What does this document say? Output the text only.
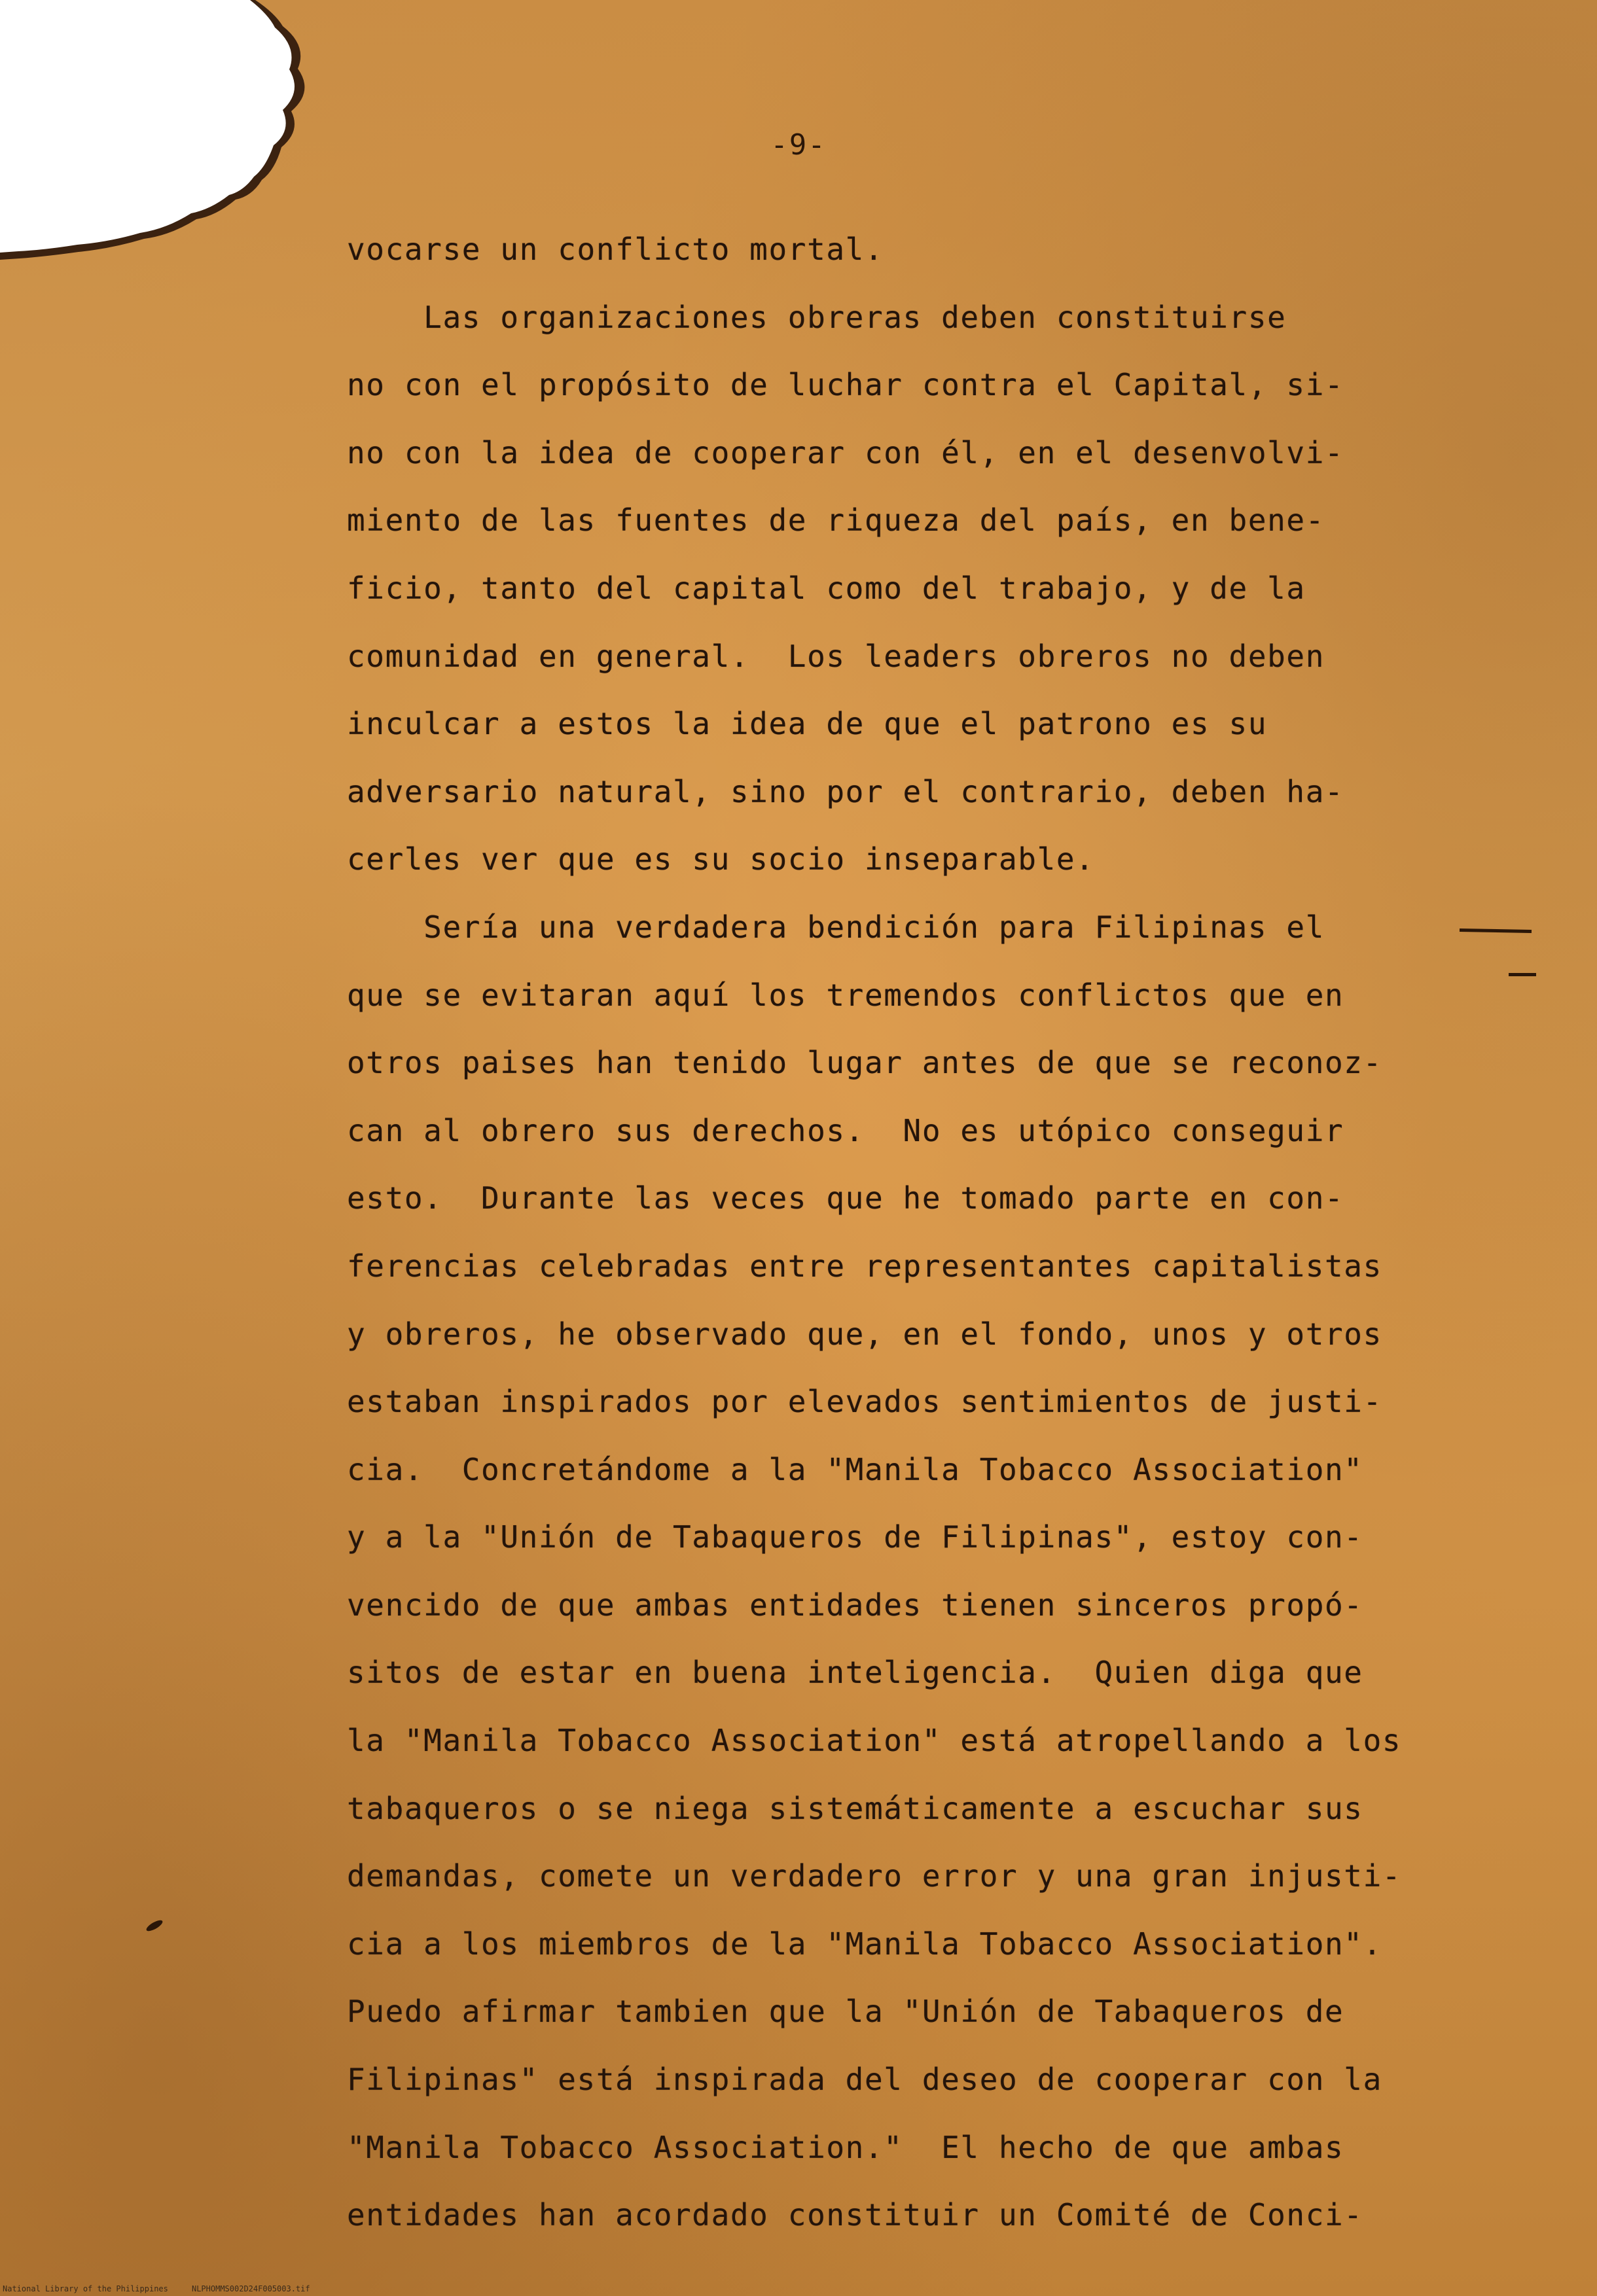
-9-
vocarse un conflicto mortal.
Las organizaciones obreras deben constituirse
no con el propósito de luchar contra el Capital, si-
no con la idea de cooperar con él, en el desenvolvi-
miento de las fuentes de riqueza del país, en bene-
ficio, tanto del capital como del trabajo, y de la
comunidad en general.  Los leaders obreros no deben
inculcar a estos la idea de que el patrono es su
adversario natural, sino por el contrario, deben ha-
cerles ver que es su socio inseparable.
Sería una verdadera bendición para Filipinas el
que se evitaran aquí los tremendos conflictos que en
otros paises han tenido lugar antes de que se reconoz-
can al obrero sus derechos.  No es utópico conseguir
esto.  Durante las veces que he tomado parte en con-
ferencias celebradas entre representantes capitalistas
y obreros, he observado que, en el fondo, unos y otros
estaban inspirados por elevados sentimientos de justi-
cia.  Concretándome a la "Manila Tobacco Association"
y a la "Unión de Tabaqueros de Filipinas", estoy con-
vencido de que ambas entidades tienen sinceros propó-
sitos de estar en buena inteligencia.  Quien diga que
la "Manila Tobacco Association" está atropellando a los
tabaqueros o se niega sistemáticamente a escuchar sus
demandas, comete un verdadero error y una gran injusti-
cia a los miembros de la "Manila Tobacco Association".
Puedo afirmar tambien que la "Unión de Tabaqueros de
Filipinas" está inspirada del deseo de cooperar con la
"Manila Tobacco Association."  El hecho de que ambas
entidades han acordado constituir un Comité de Conci-
National Library of the Philippines     NLPHOMMS002D24F005003.tif
